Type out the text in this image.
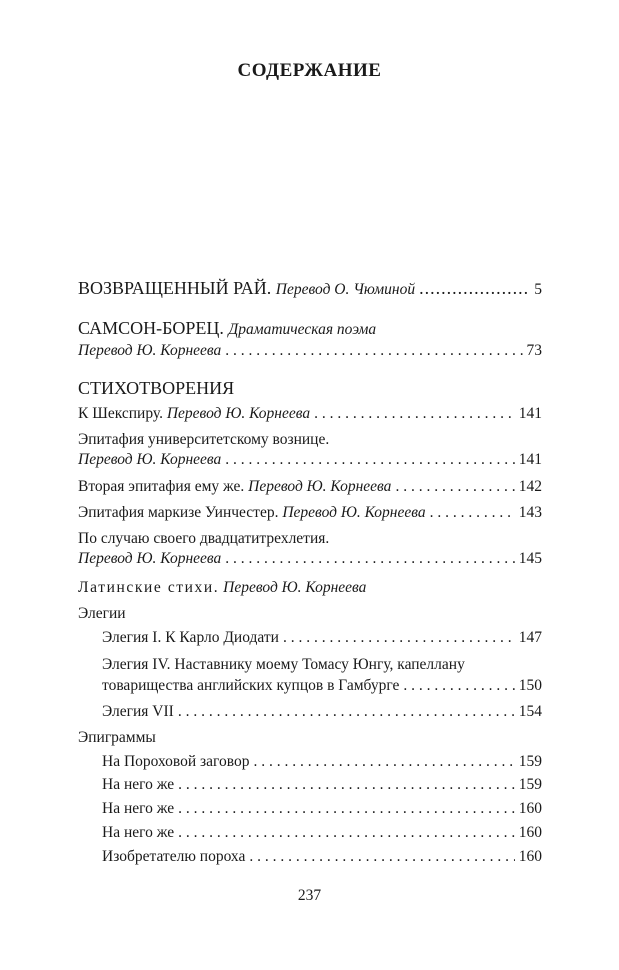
СОДЕРЖАНИЕ
ВОЗВРАЩЕННЫЙ РАЙ.
Перевод О. Чюминой .....	5
САМСОН-БОРЕЦ.
Драматическая поэма
Перевод Ю. Корнеева . . .	73
СТИХОТВОРЕНИЯ
К Шекспиру.
Перевод Ю. Корнеева . . .	141
Эпитафия университетскому вознице.
Перевод Ю. Корнеева . . .	141
Вторая эпитафия ему же.
Перевод Ю. Корнеева . . .	142
Эпитафия маркизе Уинчестер.
Перевод Ю. Корнеева . . .	143
По случаю своего двадцатитрехлетия.
Перевод Ю. Корнеева . . .	145
Латинские стихи.
Перевод Ю. Корнеева
Элегии
Элегия I. К Карло Диодати . . .	147
Элегия IV. Наставнику моему Томасу Юнгу, капеллану
товарищества английских купцов в Гамбурге . . .	150
Элегия VII . . .	154
Эпиграммы
На Пороховой заговор . . .	159
На него же . . .	159
На него же . . .	160
На него же . . .	160
Изобретателю пороха . . .	160
237
